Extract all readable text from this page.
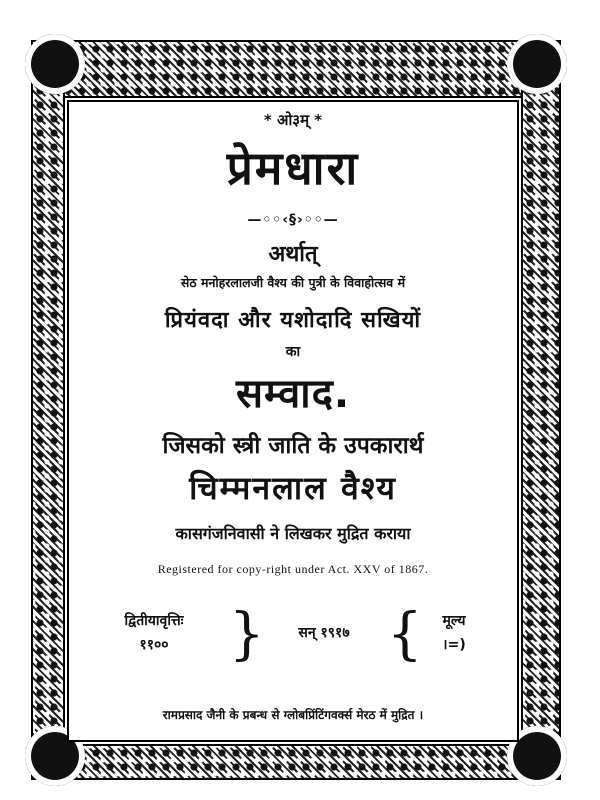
* ओ३म् *
प्रेमधारा
—◦◦‹§›◦◦—
अर्थात्
सेठ मनोहरलालजी वैश्य की पुत्री के विवाहोत्सव में
प्रियंवदा और यशोदादि सखियों
का
सम्वाद.
जिसको स्त्री जाति के उपकारार्थ
चिम्मनलाल वैश्य
कासगंजनिवासी ने लिखकर मुद्रित कराया
Registered for copy-right under Act. XXV of 1867.
द्वितीयावृत्तिः
११००	}	सन् १९१७ {	मूल्य
।=)
रामप्रसाद जैनी के प्रबन्ध से ग्लोबप्रिंटिंगवर्क्स मेरठ में मुद्रित ।
